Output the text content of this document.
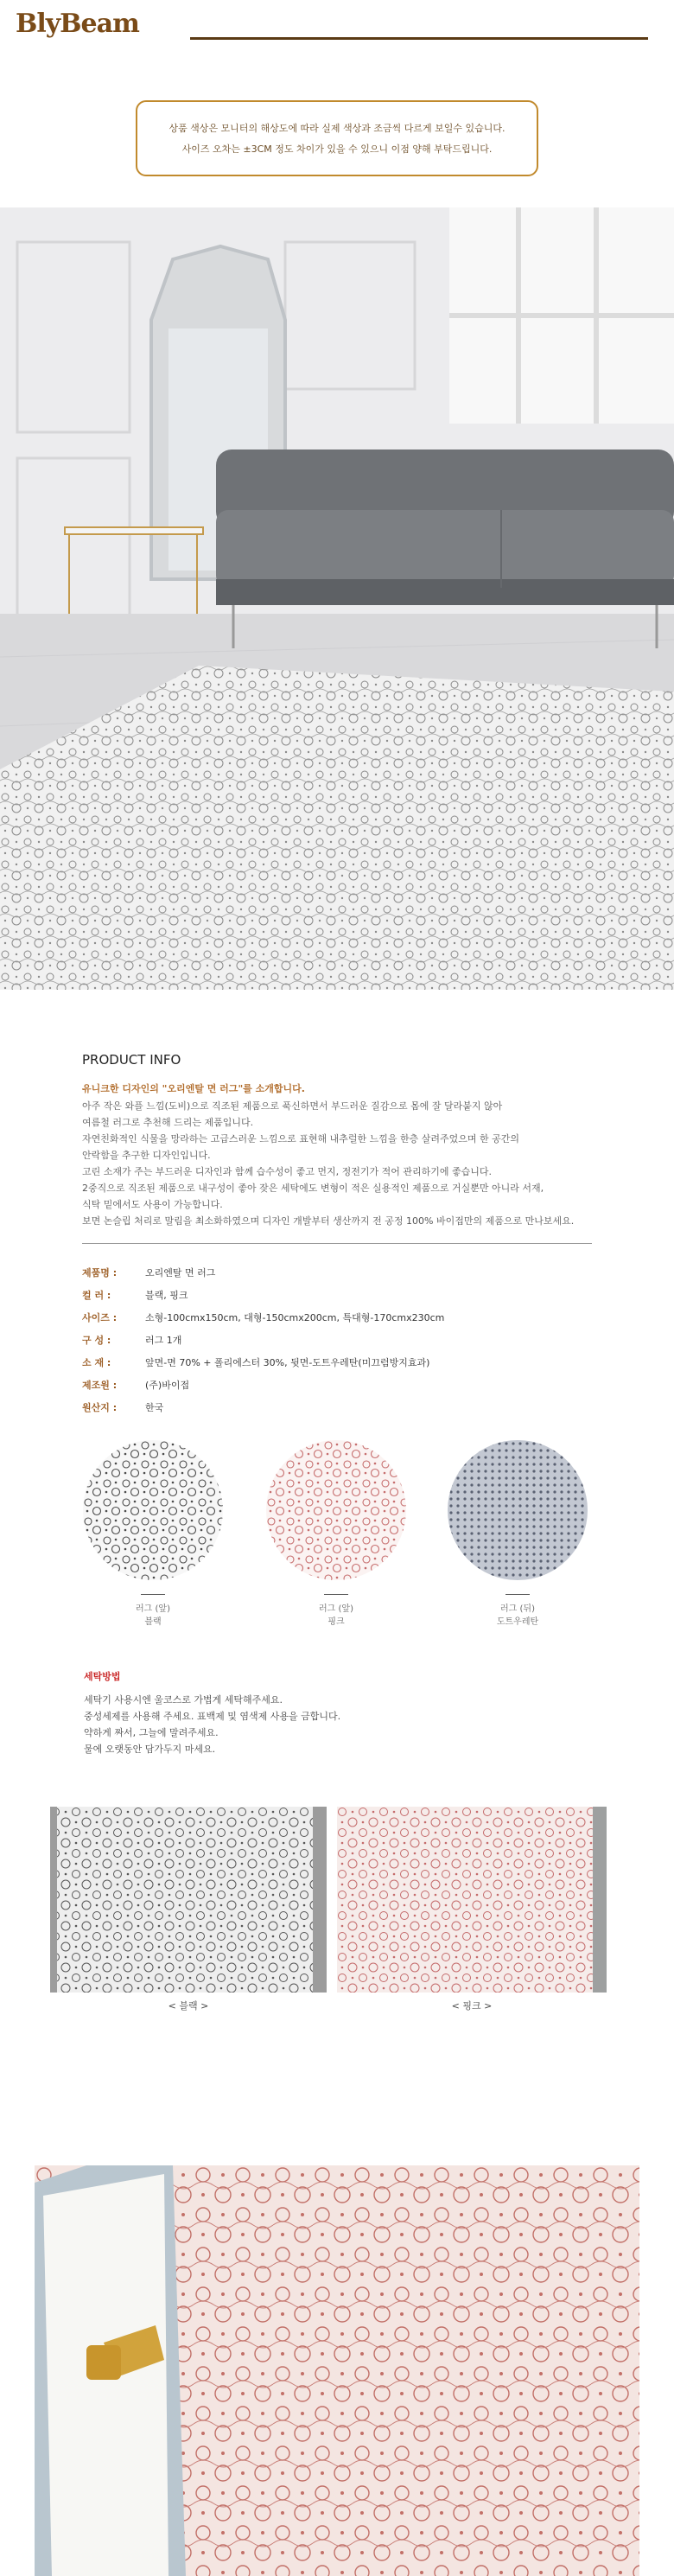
BlyBeam
상품 색상은 모니터의 해상도에 따라 실제 색상과 조금씩 다르게 보일수 있습니다.
사이즈 오차는 ±3CM 정도 차이가 있을 수 있으니 이점 양해 부탁드립니다.
PRODUCT INFO
유니크한 디자인의 "오리엔탈 면 러그"를 소개합니다.
아주 작은 와플 느낌(도비)으로 직조된 제품으로 푹신하면서 부드러운 질감으로 몸에 잘 달라붙지 않아
여름철 러그로 추천해 드리는 제품입니다.
자연친화적인 식물을 망라하는 고급스러운 느낌으로 표현해 내추럴한 느낌을 한층 살려주었으며 한 공간의
안락함을 추구한 디자인입니다.
고린 소재가 주는 부드러운 디자인과 함께 습수성이 좋고 먼지, 정전기가 적어 관리하기에 좋습니다.
2중직으로 직조된 제품으로 내구성이 좋아 잦은 세탁에도 변형이 적은 실용적인 제품으로 거실뿐만 아니라 서재,
식탁 밑에서도 사용이 가능합니다.
보면 논슬립 처리로 말림을 최소화하였으며 디자인 개발부터 생산까지 전 공정 100% 바이접만의 제품으로 만나보세요.
제품명 :	오리엔탈 면 러그
컬 러 :	블랙, 핑크
사이즈 :	소형-100cmx150cm, 대형-150cmx200cm, 특대형-170cmx230cm
구 성 :	러그 1개
소 재 :	앞면-면 70% + 폴리에스터 30%, 뒷면-도트우레탄(미끄럼방지효과)
제조원 :	(주)바이접
원산지 :	한국
러그 (앞)
블랙
러그 (앞)
핑크
러그 (뒤)
도트우레탄
세탁방법
세탁기 사용시엔 울코스로 가볍게 세탁해주세요.
중성세제를 사용해 주세요. 표백제 및 염색제 사용을 금합니다.
약하게 짜서, 그늘에 말려주세요.
물에 오랫동안 담가두지 마세요.
< 블랙 >	< 핑크 >
